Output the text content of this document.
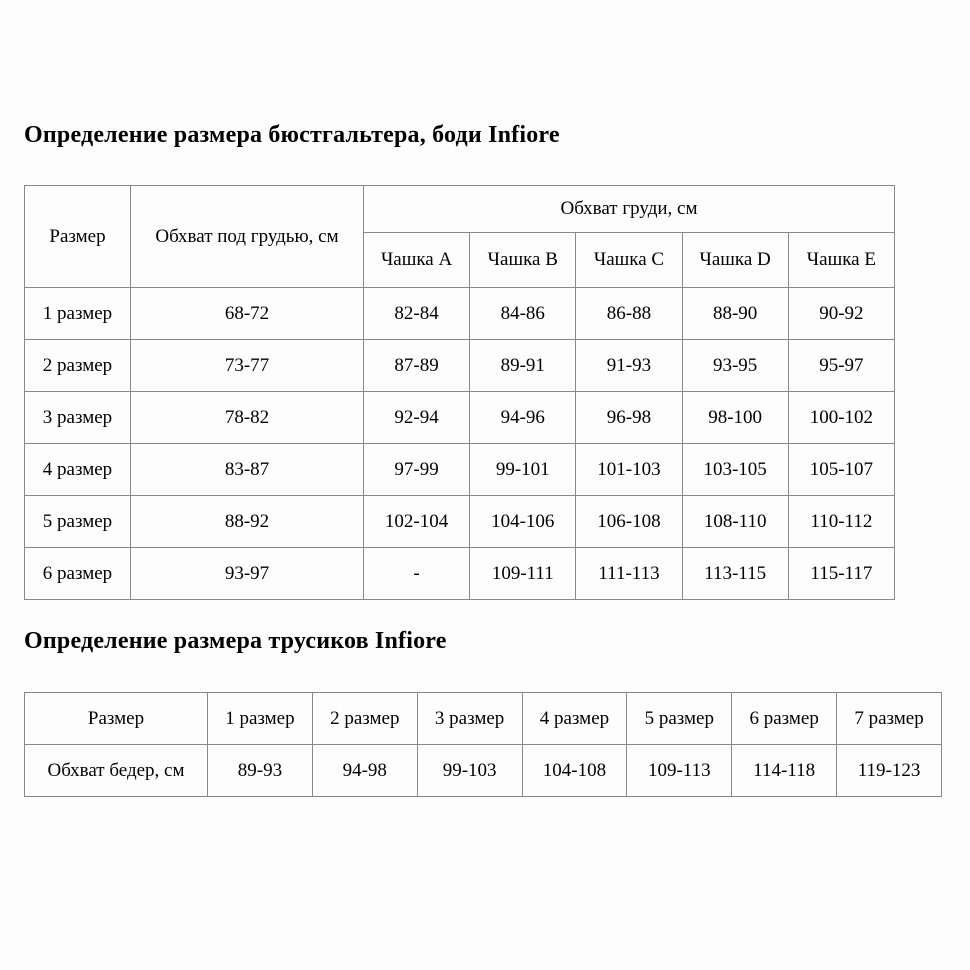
Определение размера бюстгальтера, боди Infiore
Размер	Обхват под грудью, см	Обхват груди, см				
		Чашка A	Чашка B	Чашка C	Чашка D	Чашка E
1 размер	68-72	82-84	84-86	86-88	88-90	90-92
2 размер	73-77	87-89	89-91	91-93	93-95	95-97
3 размер	78-82	92-94	94-96	96-98	98-100	100-102
4 размер	83-87	97-99	99-101	101-103	103-105	105-107
5 размер	88-92	102-104	104-106	106-108	108-110	110-112
6 размер	93-97	-	109-111	111-113	113-115	115-117
Определение размера трусиков Infiore
Размер	1 размер	2 размер	3 размер	4 размер	5 размер	6 размер	7 размер
Обхват бедер, см	89-93	94-98	99-103	104-108	109-113	114-118	119-123
